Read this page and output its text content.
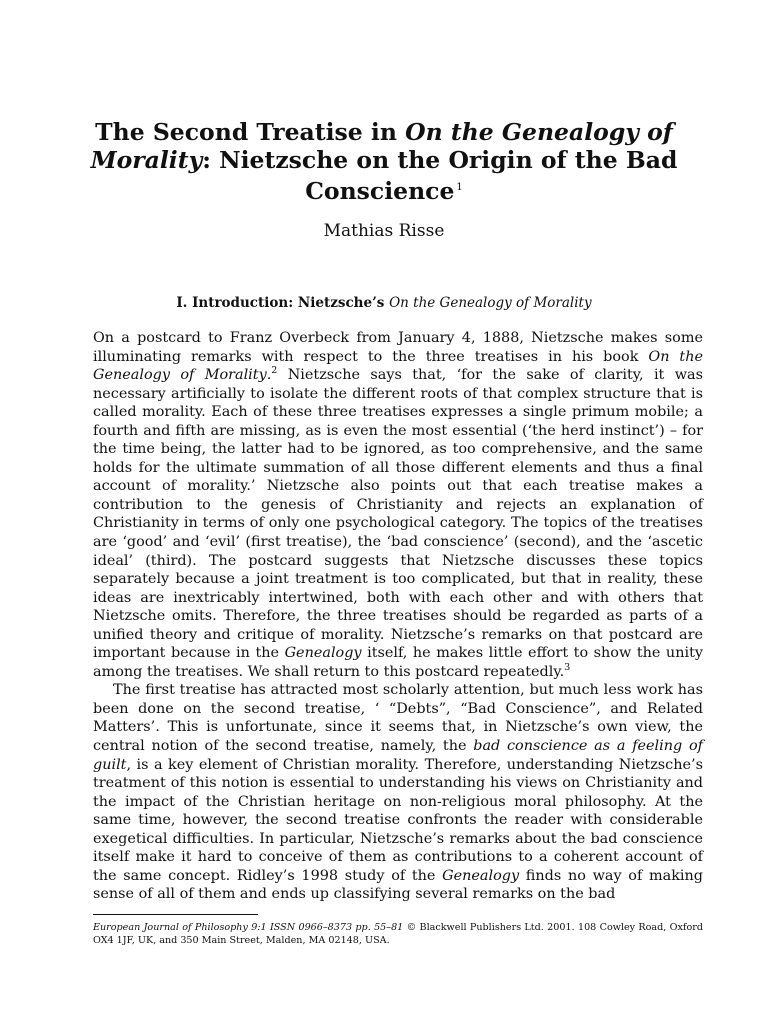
The Second Treatise in On the Genealogy of Morality: Nietzsche on the Origin of the Bad Conscience $^1$

Mathias Risse

I. Introduction: Nietzsche’s On the Genealogy of Morality

On a postcard to Franz Overbeck from January 4, 1888, Nietzsche makes some illuminating remarks with respect to the three treatises in his book On the Genealogy of Morality.$^2$ Nietzsche says that, ‘for the sake of clarity, it was necessary artificially to isolate the different roots of that complex structure that is called morality. Each of these three treatises expresses a single primum mobile; a fourth and fifth are missing, as is even the most essential (‘the herd instinct’) – for the time being, the latter had to be ignored, as too comprehensive, and the same holds for the ultimate summation of all those different elements and thus a final account of morality.’ Nietzsche also points out that each treatise makes a contribution to the genesis of Christianity and rejects an explanation of Christianity in terms of only one psychological category. The topics of the treatises are ‘good’ and ‘evil’ (first treatise), the ‘bad conscience’ (second), and the ‘ascetic ideal’ (third). The postcard suggests that Nietzsche discusses these topics separately because a joint treatment is too complicated, but that in reality, these ideas are inextricably intertwined, both with each other and with others that Nietzsche omits. Therefore, the three treatises should be regarded as parts of a unified theory and critique of morality. Nietzsche’s remarks on that postcard are important because in the Genealogy itself, he makes little effort to show the unity among the treatises. We shall return to this postcard repeatedly.$^3$

The first treatise has attracted most scholarly attention, but much less work has been done on the second treatise, ‘ “Debts”, “Bad Conscience”, and Related Matters’. This is unfortunate, since it seems that, in Nietzsche’s own view, the central notion of the second treatise, namely, the bad conscience as a feeling of guilt, is a key element of Christian morality. Therefore, understanding Nietzsche’s treatment of this notion is essential to understanding his views on Christianity and the impact of the Christian heritage on non-religious moral philosophy. At the same time, however, the second treatise confronts the reader with considerable exegetical difficulties. In particular, Nietzsche’s remarks about the bad conscience itself make it hard to conceive of them as contributions to a coherent account of the same concept. Ridley’s 1998 study of the Genealogy finds no way of making sense of all of them and ends up classifying several remarks on the bad

European Journal of Philosophy 9:1 ISSN 0966–8373 pp. 55–81 © Blackwell Publishers Ltd. 2001. 108 Cowley Road, Oxford OX4 1JF, UK, and 350 Main Street, Malden, MA 02148, USA.
